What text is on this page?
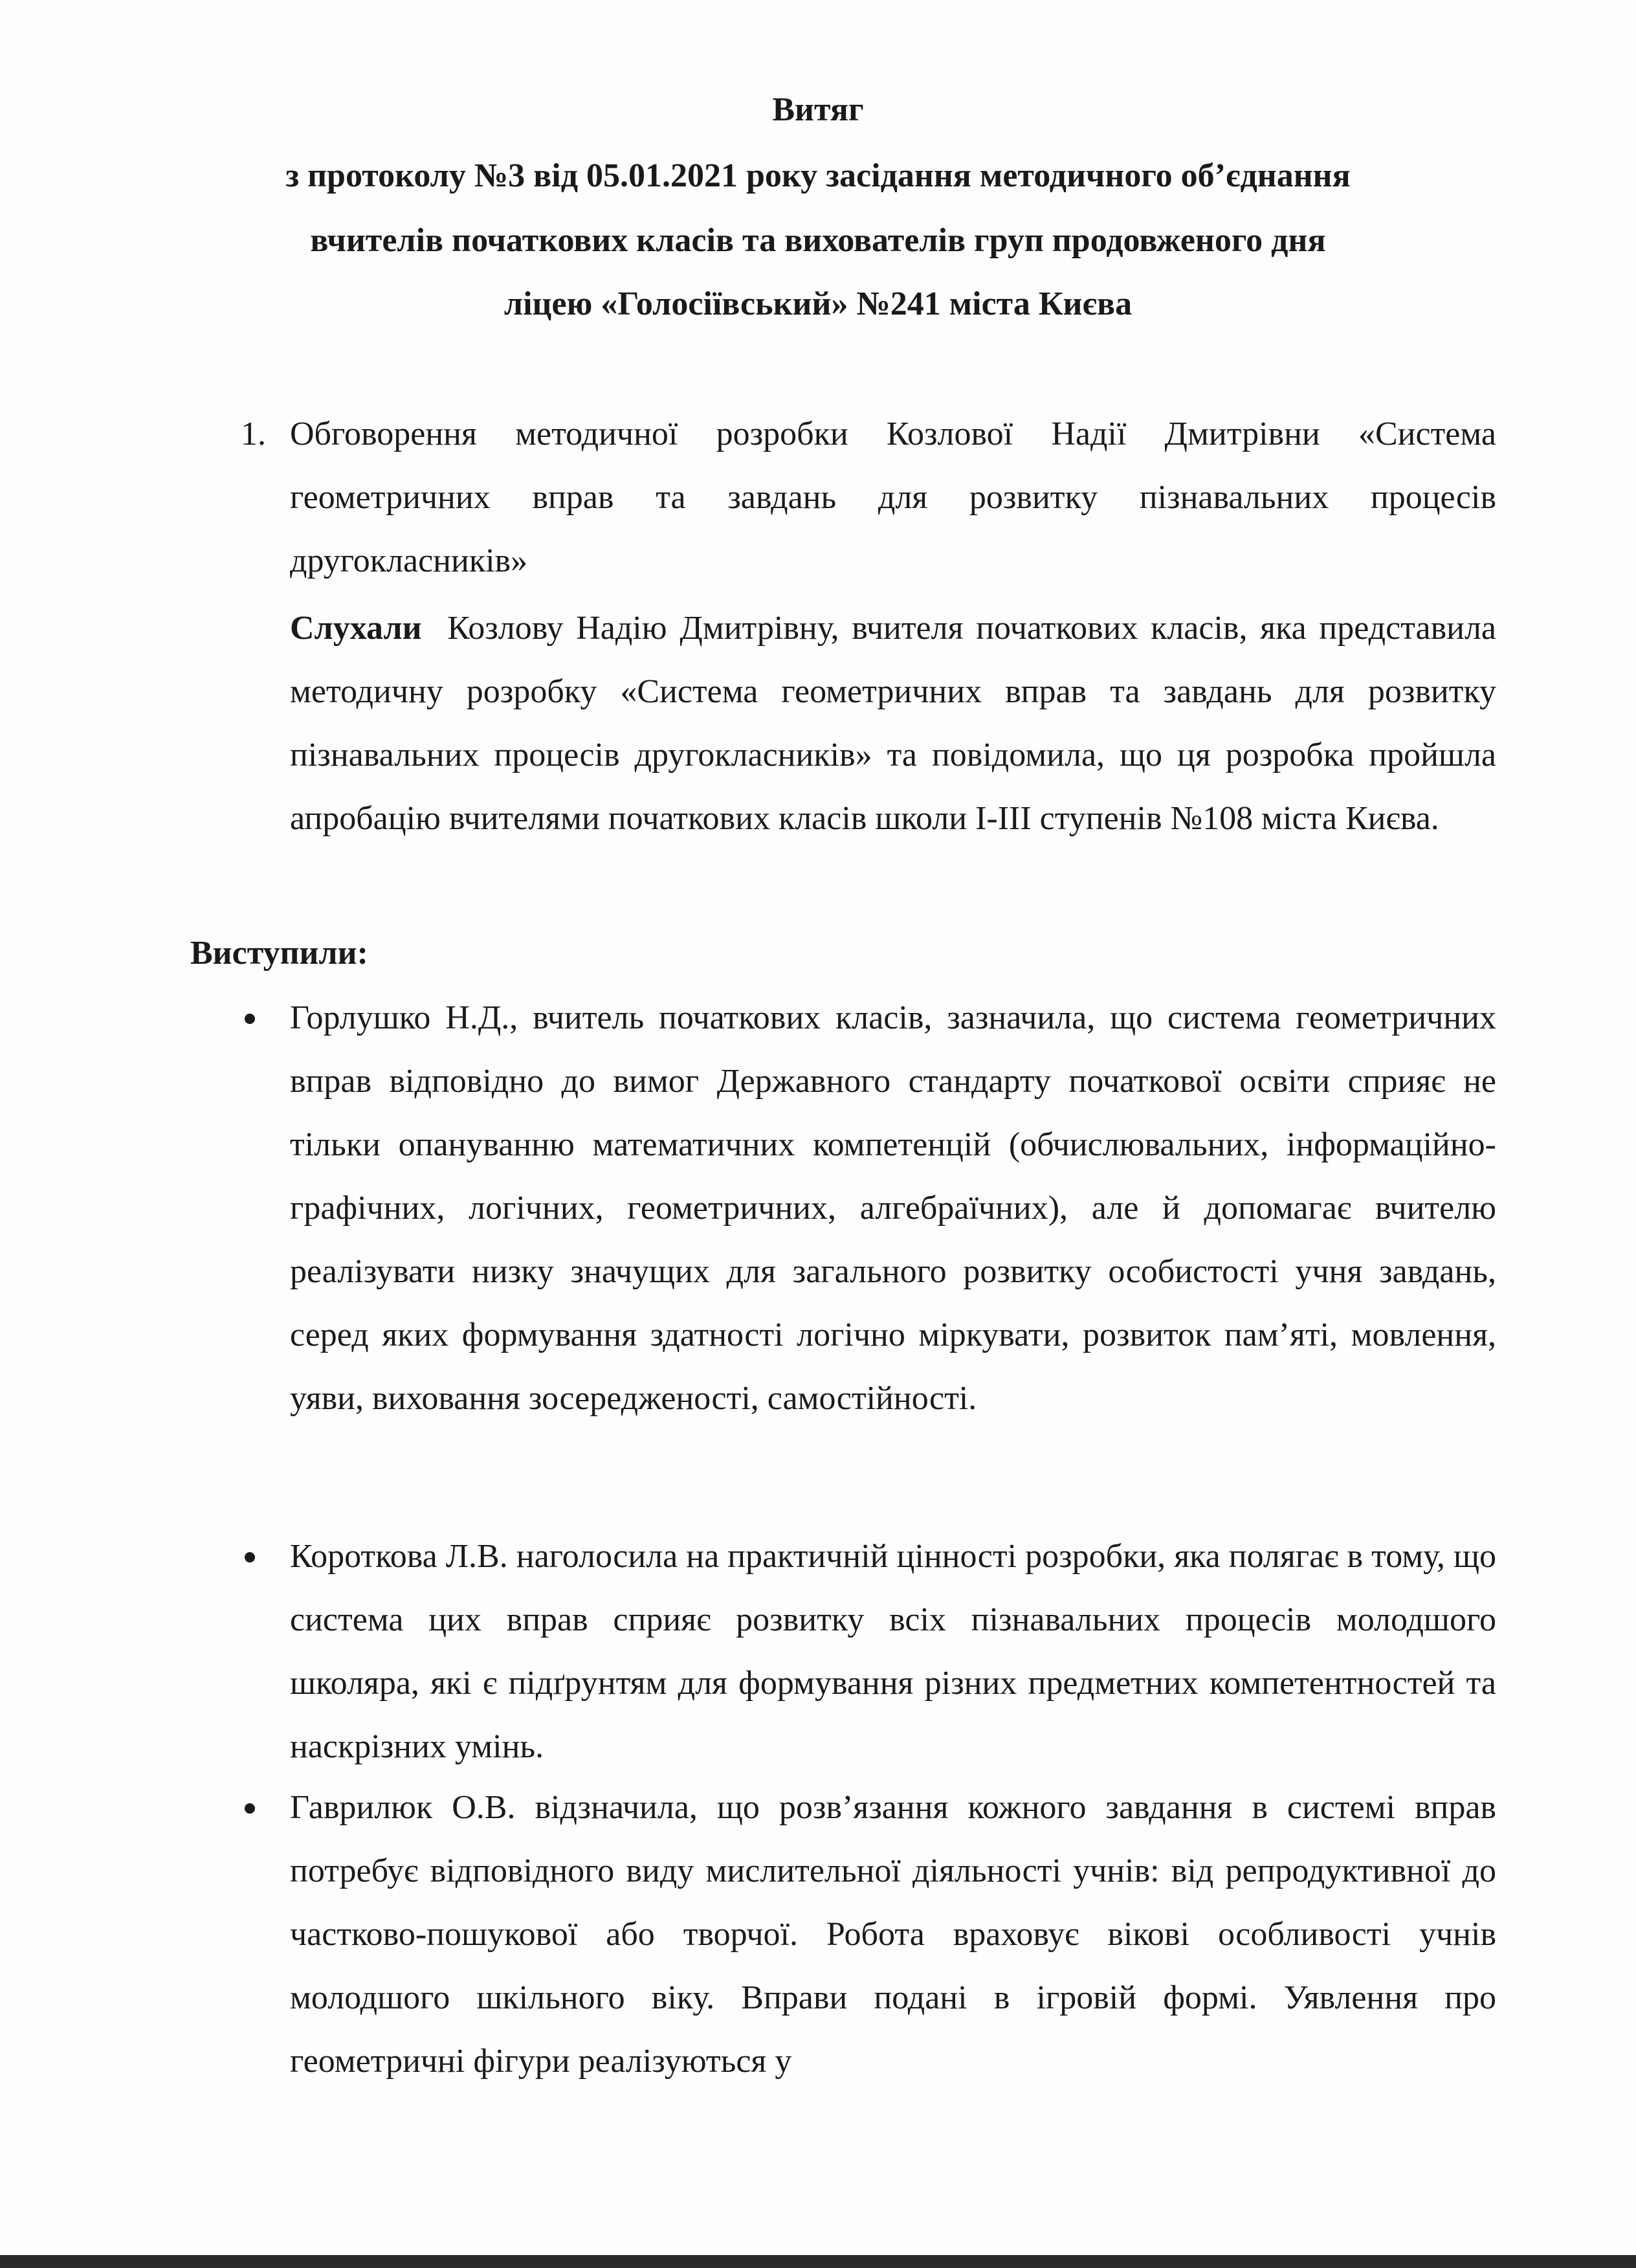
Витяг
з протоколу №3 від 05.01.2021 року засідання методичного об’єднання
вчителів початкових класів та вихователів груп продовженого дня
ліцею «Голосіївський» №241 міста Києва
1. Обговорення методичної розробки Козлової Надії Дмитрівни «Система геометричних вправ та завдань для розвитку пізнавальних процесів другокласників»
Слухали Козлову Надію Дмитрівну, вчителя початкових класів, яка представила методичну розробку «Система геометричних вправ та завдань для розвитку пізнавальних процесів другокласників» та повідомила, що ця розробка пройшла апробацію вчителями початкових класів школи І-ІІІ ступенів №108 міста Києва.
Виступили:
Горлушко Н.Д., вчитель початкових класів, зазначила, що система геометричних вправ відповідно до вимог Державного стандарту початкової освіти сприяє не тільки опануванню математичних компетенцій (обчислювальних, інформаційно-графічних, логічних, геометричних, алгебраїчних), але й допомагає вчителю реалізувати низку значущих для загального розвитку особистості учня завдань, серед яких формування здатності логічно міркувати, розвиток пам’яті, мовлення, уяви, виховання зосередженості, самостійності.
Короткова Л.В. наголосила на практичній цінності розробки, яка полягає в тому, що система цих вправ сприяє розвитку всіх пізнавальних процесів молодшого школяра, які є підґрунтям для формування різних предметних компетентностей та наскрізних умінь.
Гаврилюк О.В. відзначила, що розв’язання кожного завдання в системі вправ потребує відповідного виду мислительної діяльності учнів: від репродуктивної до частково-пошукової або творчої. Робота враховує вікові особливості учнів молодшого шкільного віку. Вправи подані в ігровій формі. Уявлення про геометричні фігури реалізуються у
